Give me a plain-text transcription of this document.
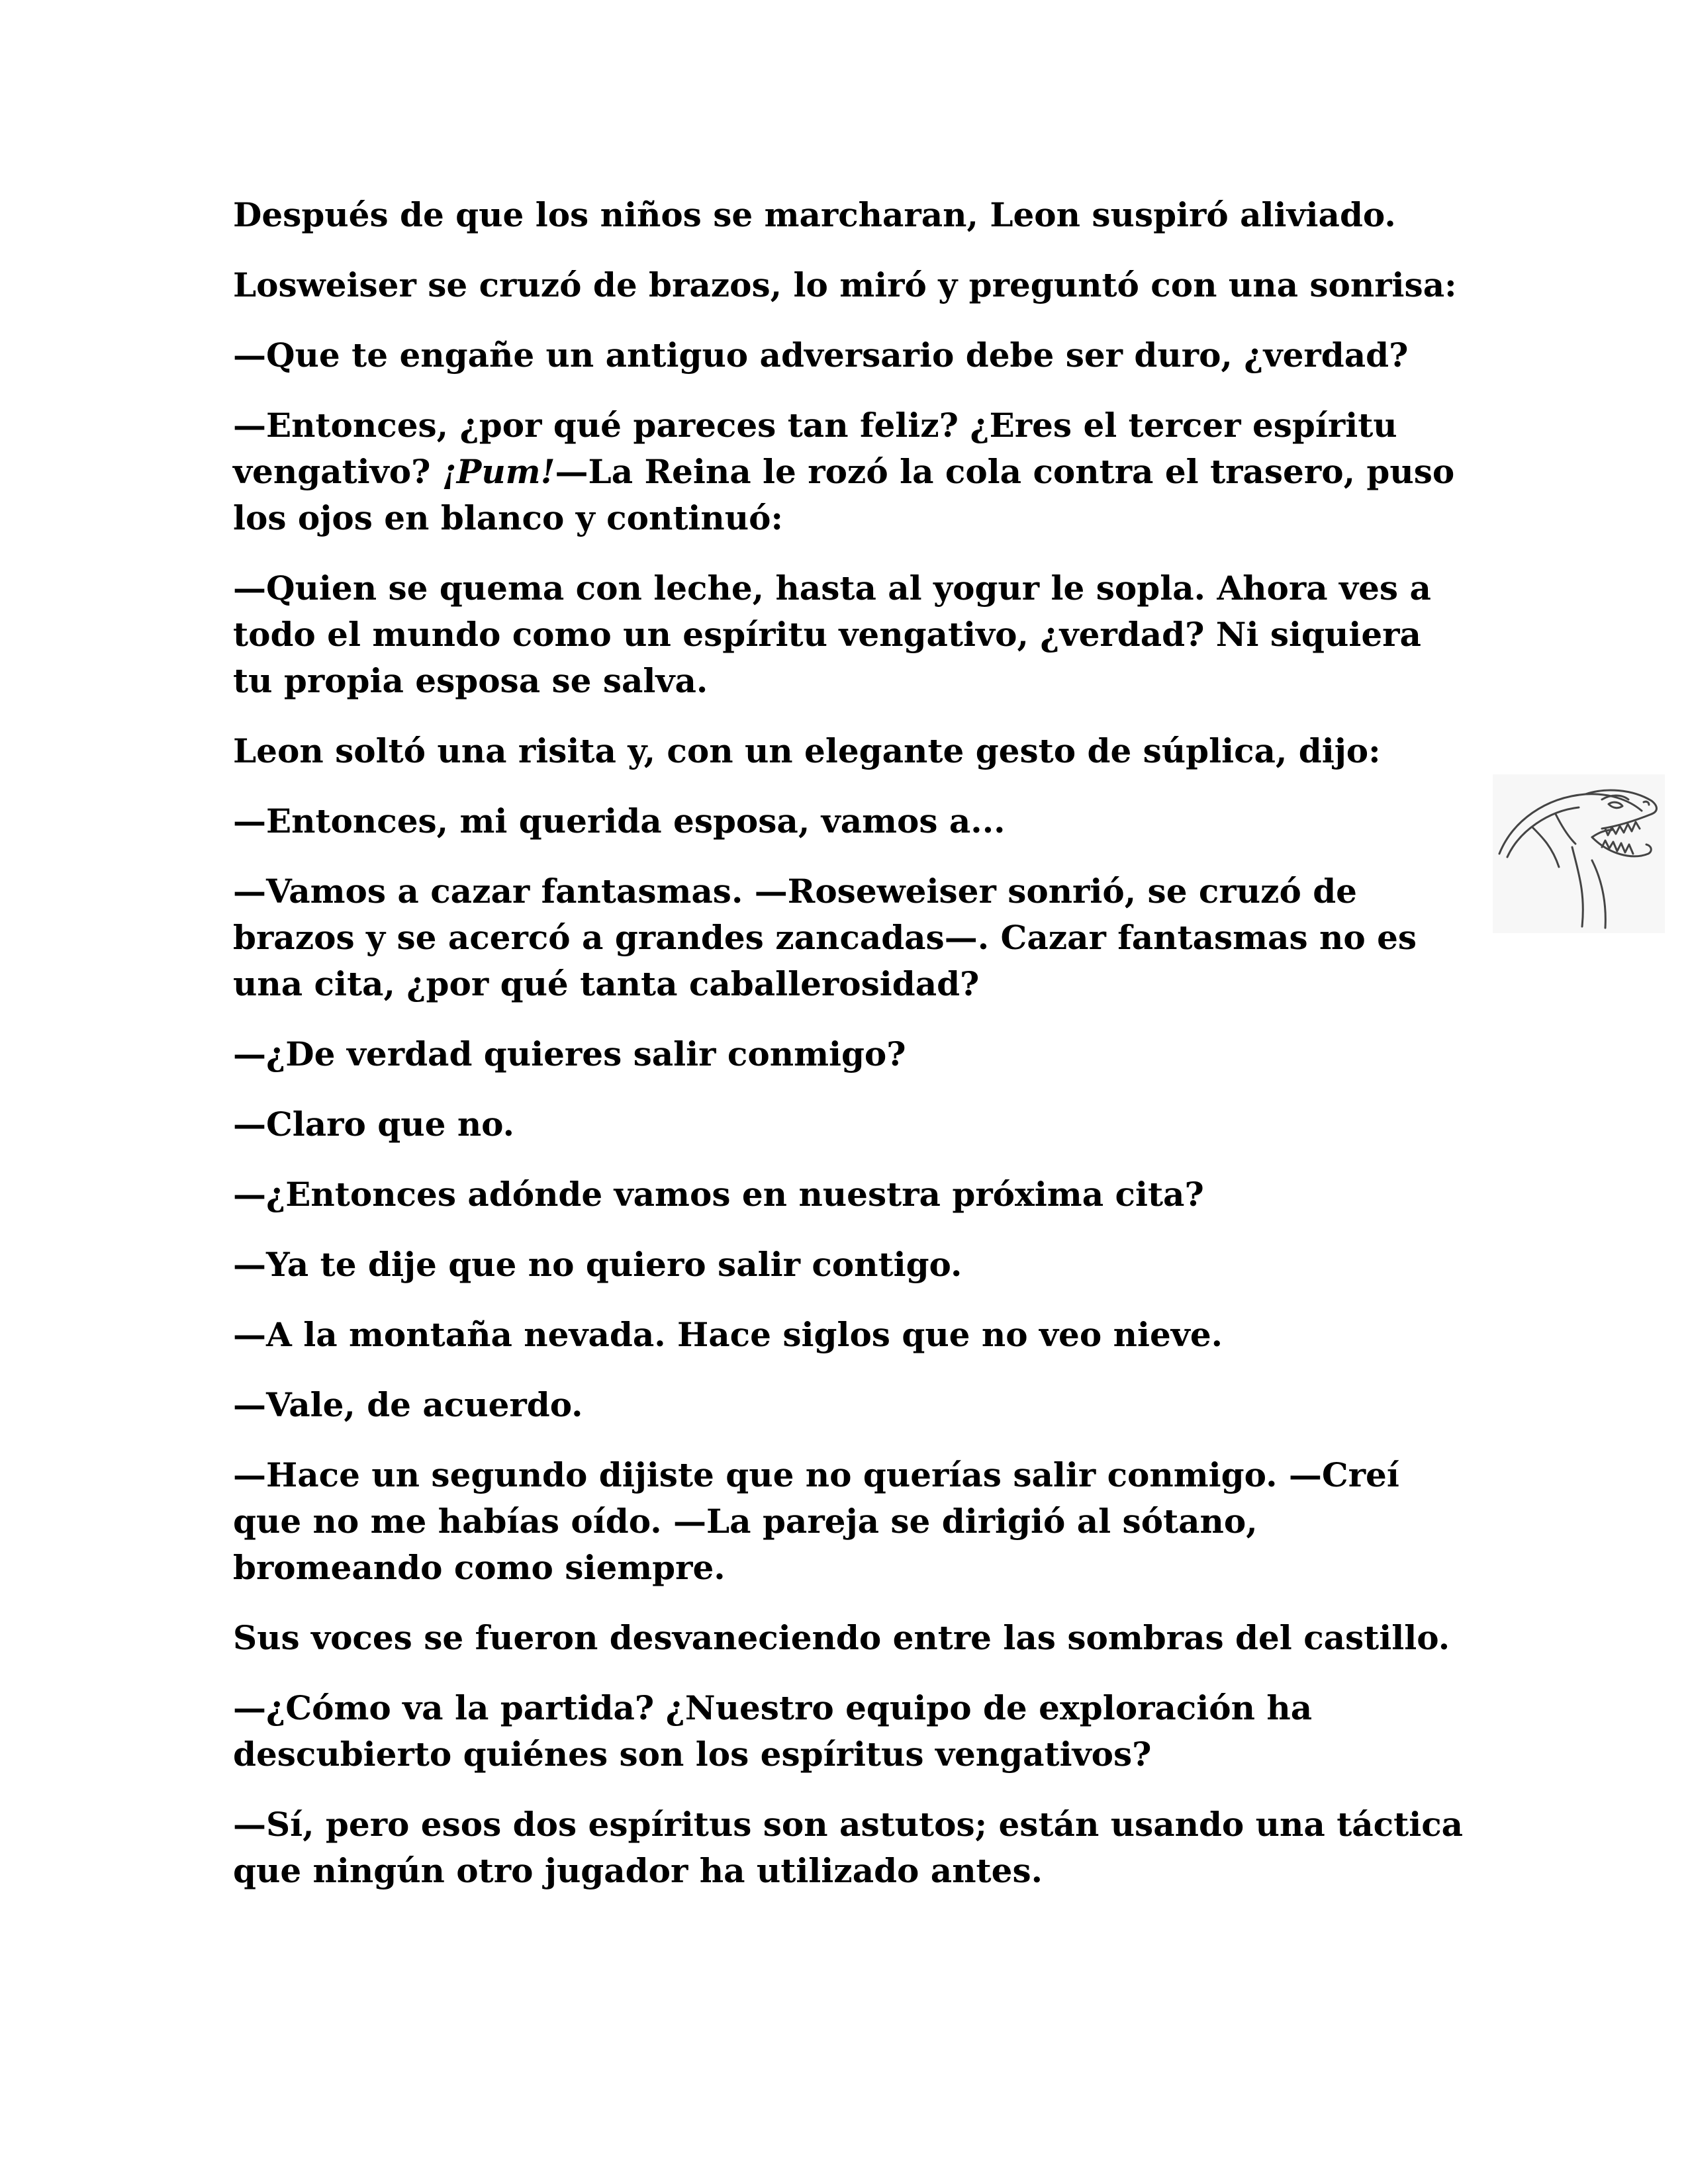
Después de que los niños se marcharan, Leon suspiró aliviado.

Losweiser se cruzó de brazos, lo miró y preguntó con una sonrisa:

—Que te engañe un antiguo adversario debe ser duro, ¿verdad?

—Entonces, ¿por qué pareces tan feliz? ¿Eres el tercer espíritu vengativo? ¡Pum!—La Reina le rozó la cola contra el trasero, puso los ojos en blanco y continuó:

—Quien se quema con leche, hasta al yogur le sopla. Ahora ves a todo el mundo como un espíritu vengativo, ¿verdad? Ni siquiera tu propia esposa se salva.

Leon soltó una risita y, con un elegante gesto de súplica, dijo:

—Entonces, mi querida esposa, vamos a...

—Vamos a cazar fantasmas. —Roseweiser sonrió, se cruzó de brazos y se acercó a grandes zancadas—. Cazar fantasmas no es una cita, ¿por qué tanta caballerosidad?

—¿De verdad quieres salir conmigo?

—Claro que no.

—¿Entonces adónde vamos en nuestra próxima cita?

—Ya te dije que no quiero salir contigo.

—A la montaña nevada. Hace siglos que no veo nieve.

—Vale, de acuerdo.

—Hace un segundo dijiste que no querías salir conmigo. —Creí que no me habías oído. —La pareja se dirigió al sótano, bromeando como siempre.

Sus voces se fueron desvaneciendo entre las sombras del castillo.

—¿Cómo va la partida? ¿Nuestro equipo de exploración ha descubierto quiénes son los espíritus vengativos?

—Sí, pero esos dos espíritus son astutos; están usando una táctica que ningún otro jugador ha utilizado antes.
